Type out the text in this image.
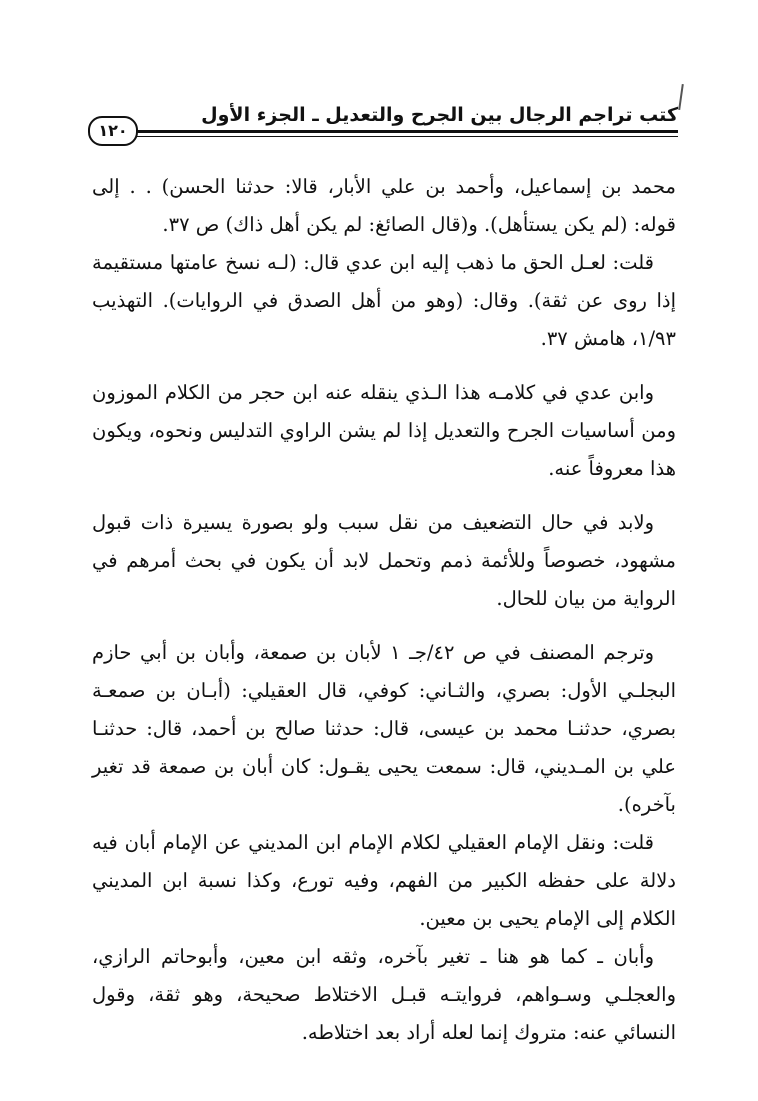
كتب تراجم الرجال بين الجرح والتعديل ـ الجزء الأول
١٢٠

محمد بن إسماعيل، وأحمد بن علي الأبار، قالا: حدثنا الحسن) . . إلى قوله: (لم يكن يستأهل). و(قال الصائغ: لم يكن أهل ذاك) ص ٣٧.

قلت: لعـل الحق ما ذهب إليه ابن عدي قال: (لـه نسخ عامتها مستقيمة إذا روى عن ثقة). وقال: (وهو من أهل الصدق في الروايات). التهذيب ١/٩٣، هامش ٣٧.

وابن عدي في كلامـه هذا الـذي ينقله عنه ابن حجر من الكلام الموزون ومن أساسيات الجرح والتعديل إذا لم يشن الراوي التدليس ونحوه، ويكون هذا معروفاً عنه.

ولابد في حال التضعيف من نقل سبب ولو بصورة يسيرة ذات قبول مشهود، خصوصاً وللأئمة ذمم وتحمل لابد أن يكون في بحث أمرهم في الرواية من بيان للحال.

وترجم المصنف في ص ٤٢/جـ ١ لأبان بن صمعة، وأبان بن أبي حازم البجلـي الأول: بصري، والثـاني: كوفي، قال العقيلي: (أبـان بن صمعـة بصري، حدثنـا محمد بن عيسى، قال: حدثنا صالح بن أحمد، قال: حدثنـا علي بن المـديني، قال: سمعت يحيى يقـول: كان أبان بن صمعة قد تغير بآخره).

قلت: ونقل الإمام العقيلي لكلام الإمام ابن المديني عن الإمام أبان فيه دلالة على حفظه الكبير من الفهم، وفيه تورع، وكذا نسبة ابن المديني الكلام إلى الإمام يحيى بن معين.

وأبان ـ كما هو هنا ـ تغير بآخره، وثقه ابن معين، وأبوحاتم الرازي، والعجلـي وسـواهم، فروايتـه قبـل الاختلاط صحيحة، وهو ثقة، وقول النسائي عنه: متروك إنما لعله أراد بعد اختلاطه.
